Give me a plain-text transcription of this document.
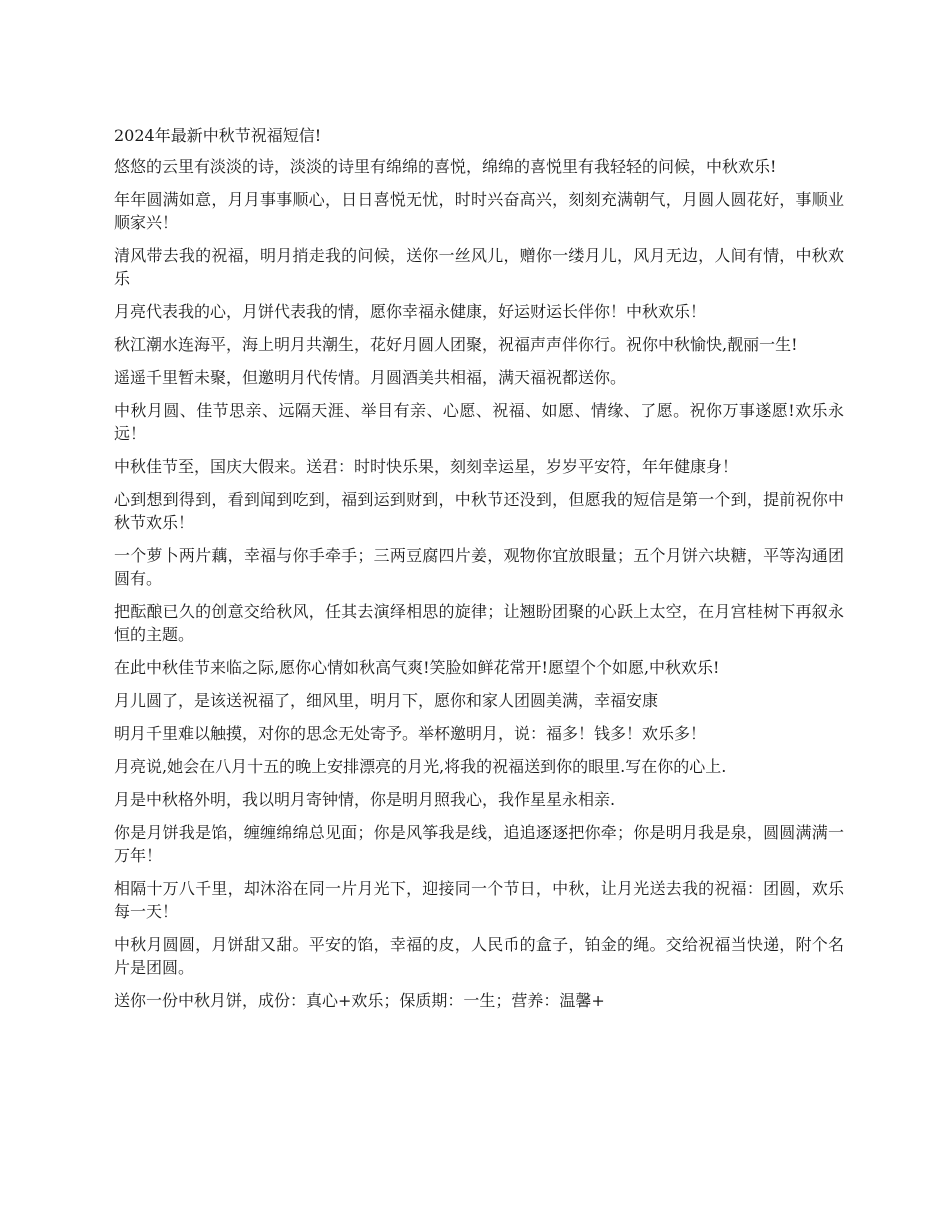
2024年最新中秋节祝福短信!
悠悠的云里有淡淡的诗，淡淡的诗里有绵绵的喜悦，绵绵的喜悦里有我轻轻的问候，中秋欢乐!
年年圆满如意，月月事事顺心，日日喜悦无忧，时时兴奋高兴，刻刻充满朝气，月圆人圆花好，事顺业顺家兴！
清风带去我的祝福，明月捎走我的问候，送你一丝风儿，赠你一缕月儿，风月无边，人间有情，中秋欢乐
月亮代表我的心，月饼代表我的情，愿你幸福永健康，好运财运长伴你！中秋欢乐！
秋江潮水连海平，海上明月共潮生，花好月圆人团聚，祝福声声伴你行。祝你中秋愉快,靓丽一生!
遥遥千里暂未聚，但邀明月代传情。月圆酒美共相福，满天福祝都送你。
中秋月圆、佳节思亲、远隔天涯、举目有亲、心愿、祝福、如愿、情缘、了愿。祝你万事遂愿!欢乐永远！
中秋佳节至，国庆大假来。送君：时时快乐果，刻刻幸运星，岁岁平安符，年年健康身！
心到想到得到，看到闻到吃到，福到运到财到，中秋节还没到，但愿我的短信是第一个到，提前祝你中秋节欢乐！
一个萝卜两片藕，幸福与你手牵手；三两豆腐四片姜，观物你宜放眼量；五个月饼六块糖，平等沟通团圆有。
把酝酿已久的创意交给秋风，任其去演绎相思的旋律；让翘盼团聚的心跃上太空，在月宫桂树下再叙永恒的主题。
在此中秋佳节来临之际,愿你心情如秋高气爽!笑脸如鲜花常开!愿望个个如愿,中秋欢乐!
月儿圆了，是该送祝福了，细风里，明月下，愿你和家人团圆美满，幸福安康
明月千里难以触摸，对你的思念无处寄予。举杯邀明月，说：福多！钱多！欢乐多！
月亮说,她会在八月十五的晚上安排漂亮的月光,将我的祝福送到你的眼里.写在你的心上.
月是中秋格外明，我以明月寄钟情，你是明月照我心，我作星星永相亲.
你是月饼我是馅，缠缠绵绵总见面；你是风筝我是线，追追逐逐把你牵；你是明月我是泉，圆圆满满一万年！
相隔十万八千里，却沐浴在同一片月光下，迎接同一个节日，中秋，让月光送去我的祝福：团圆，欢乐每一天！
中秋月圆圆，月饼甜又甜。平安的馅，幸福的皮，人民币的盒子，铂金的绳。交给祝福当快递，附个名片是团圆。
送你一份中秋月饼，成份：真心+欢乐；保质期：一生；营养：温馨+
